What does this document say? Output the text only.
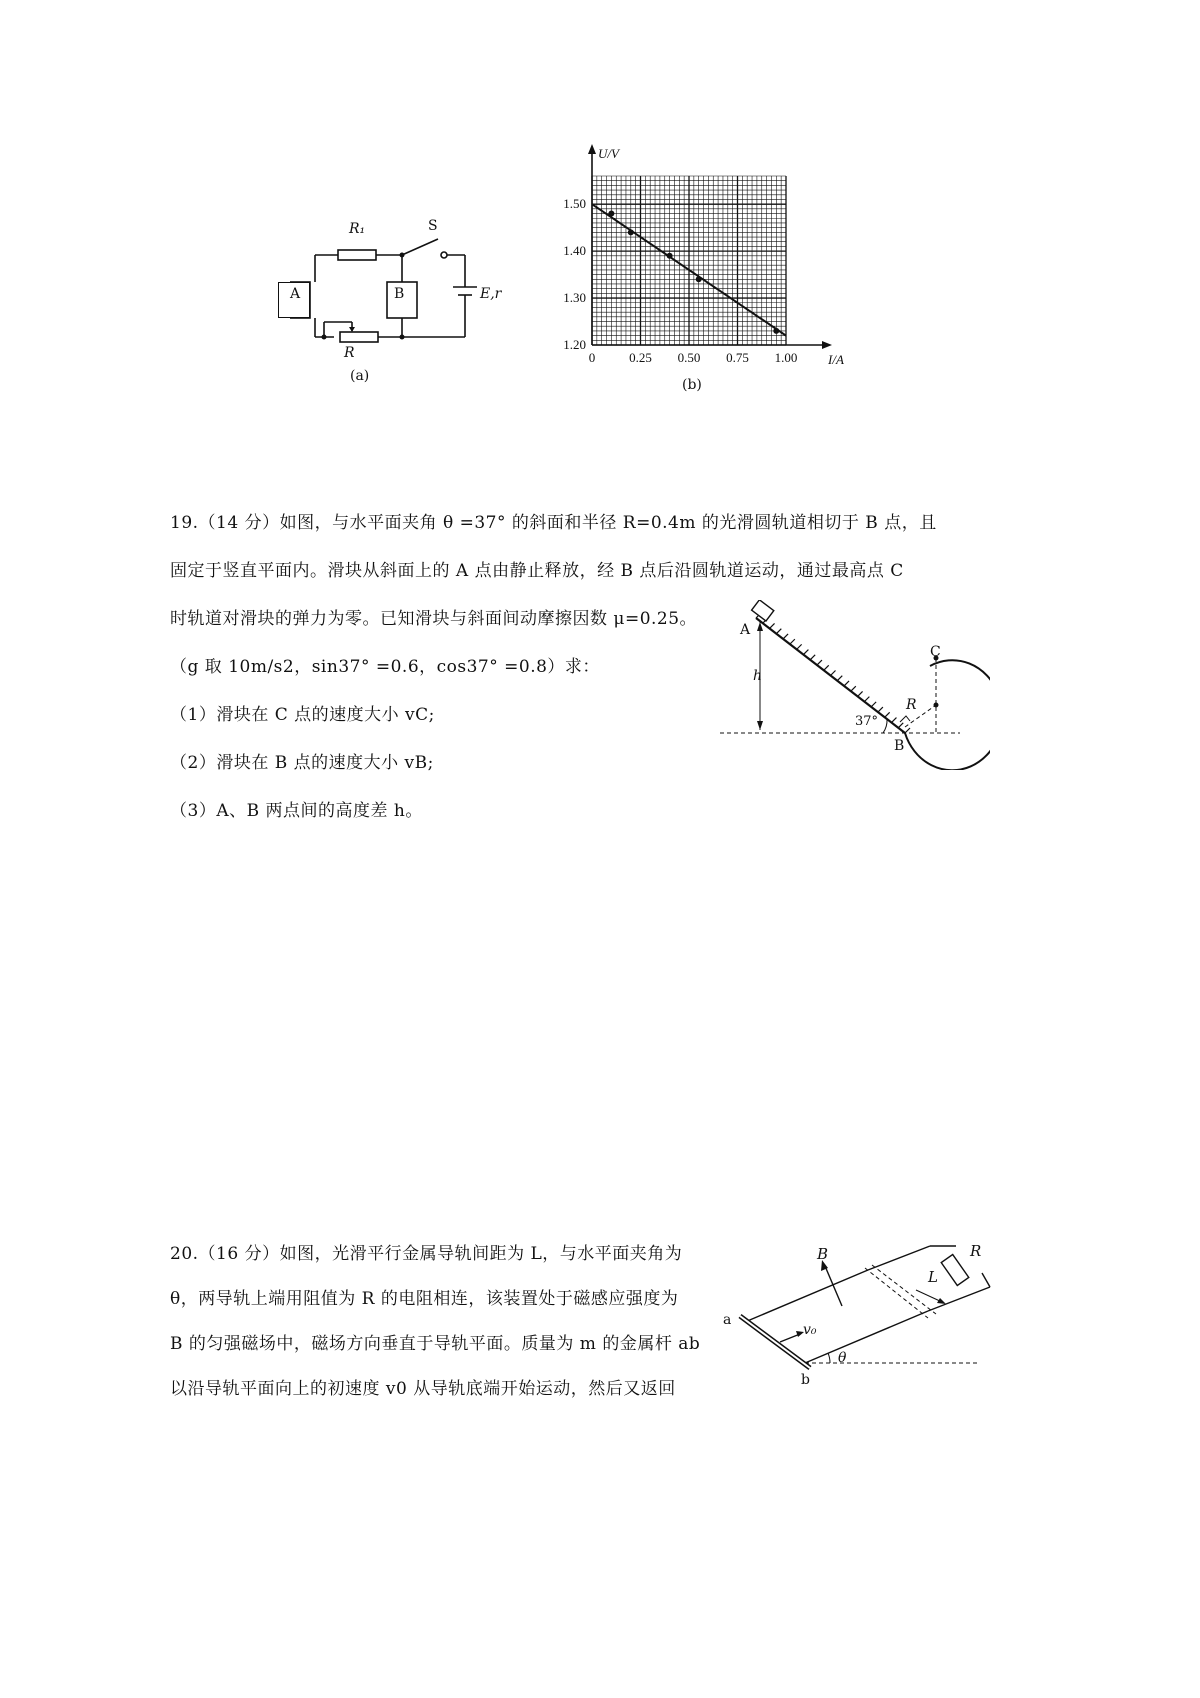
A	B
R₁	S
E,r
R
(a)
0	0.25 0.50 0.75 1.00
1.50
1.40
1.30
1.20
U/V
I/A
(b)
19.（14 分）如图，与水平面夹角 θ =37° 的斜面和半径 R=0.4m 的光滑圆轨道相切于 B 点，且
固定于竖直平面内。滑块从斜面上的 A 点由静止释放，经 B 点后沿圆轨道运动，通过最高点 C
时轨道对滑块的弹力为零。已知滑块与斜面间动摩擦因数 μ=0.25。
（g 取 10m/s2，sin37° =0.6，cos37° =0.8）求：
（1）滑块在 C 点的速度大小 vC;
（2）滑块在 B 点的速度大小 vB;
（3）A、B 两点间的高度差 h。
A
C
h
R
37°
B
20.（16 分）如图，光滑平行金属导轨间距为 L，与水平面夹角为
θ，两导轨上端用阻值为 R 的电阻相连，该装置处于磁感应强度为
B 的匀强磁场中，磁场方向垂直于导轨平面。质量为 m 的金属杆 ab
以沿导轨平面向上的初速度 v0 从导轨底端开始运动，然后又返回
B	R
L
a
b
v₀
θ
